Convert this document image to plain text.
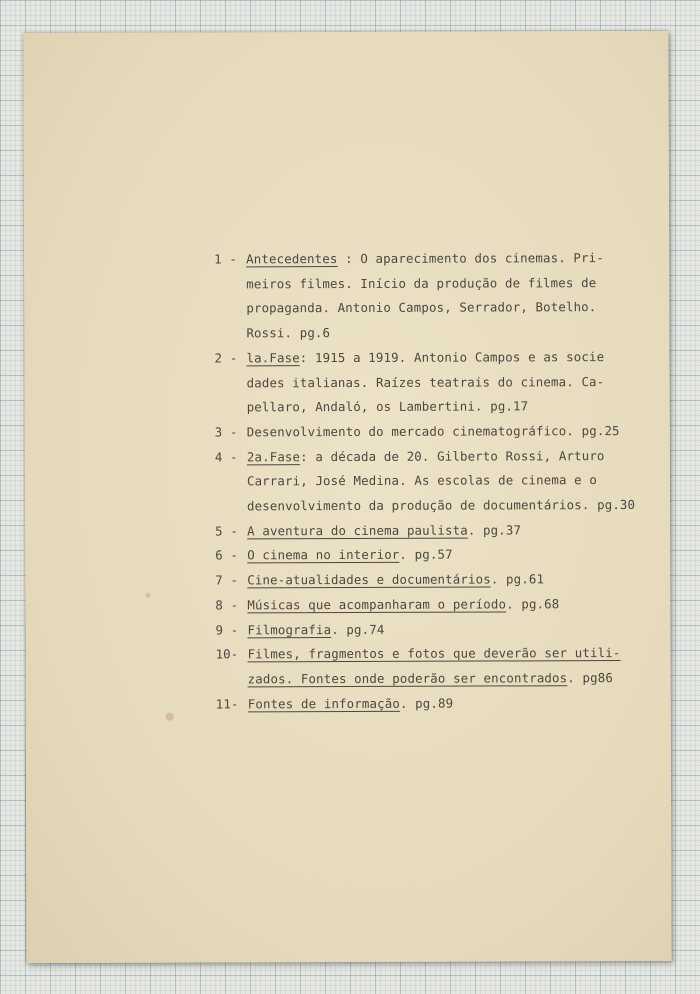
1 - Antecedentes : O aparecimento dos cinemas. Pri-
meiros filmes. Início da produção de filmes de
propaganda. Antonio Campos, Serrador, Botelho.
Rossi. pg.6
2 - la.Fase: 1915 a 1919. Antonio Campos e as socie
dades italianas. Raízes teatrais do cinema. Ca-
pellaro, Andaló, os Lambertini. pg.17
3 - Desenvolvimento do mercado cinematográfico. pg.25
4 - 2a.Fase: a década de 20. Gilberto Rossi, Arturo
Carrari, José Medina. As escolas de cinema e o
desenvolvimento da produção de documentários. pg.30
5 - A aventura do cinema paulista. pg.37
6 - O cinema no interior. pg.57
7 - Cine-atualidades e documentários. pg.61
8 - Músicas que acompanharam o período. pg.68
9 - Filmografia. pg.74
10- Filmes, fragmentos e fotos que deverão ser utili-
zados. Fontes onde poderão ser encontrados. pg86
11- Fontes de informação. pg.89
